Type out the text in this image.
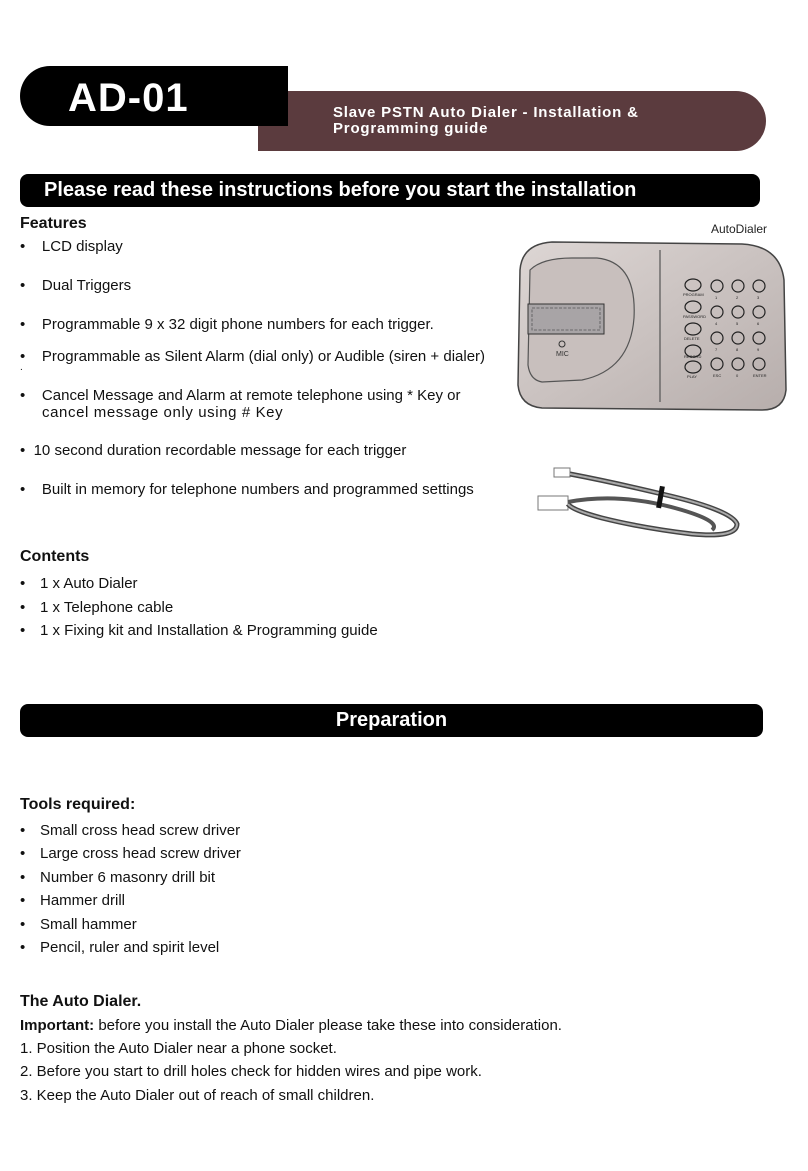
AD-01	Slave PSTN Auto Dialer - Installation &
Programming guide
Please read these instructions before you start the installation
Features
•    LCD display
•    Dual Triggers
•    Programmable 9 x 32 digit phone numbers for each trigger.
•    Programmable as Silent Alarm (dial only) or Audible (siren + dialer)
.
•    Cancel Message and Alarm at remote telephone using * Key or
cancel message only using # Key
•  10 second duration recordable message for each trigger
•    Built in memory for telephone numbers and programmed settings
AutoDialer
MIC
PROGRAM
PASSWORD
DELETE
RECORD
PLAY
1	2	3
4	5	6
7	8	9
ESC	0	ENTER
Contents
• 1 x Auto Dialer
• 1 x Telephone cable
• 1 x Fixing kit and Installation & Programming guide
Preparation
Tools required:
• Small cross head screw driver
• Large cross head screw driver
• Number 6 masonry drill bit
• Hammer drill
• Small hammer
• Pencil, ruler and spirit level
The Auto Dialer.
Important: before you install the Auto Dialer please take these into consideration.
1. Position the Auto Dialer near a phone socket.
2. Before you start to drill holes check for hidden wires and pipe work.
3. Keep the Auto Dialer out of reach of small children.
